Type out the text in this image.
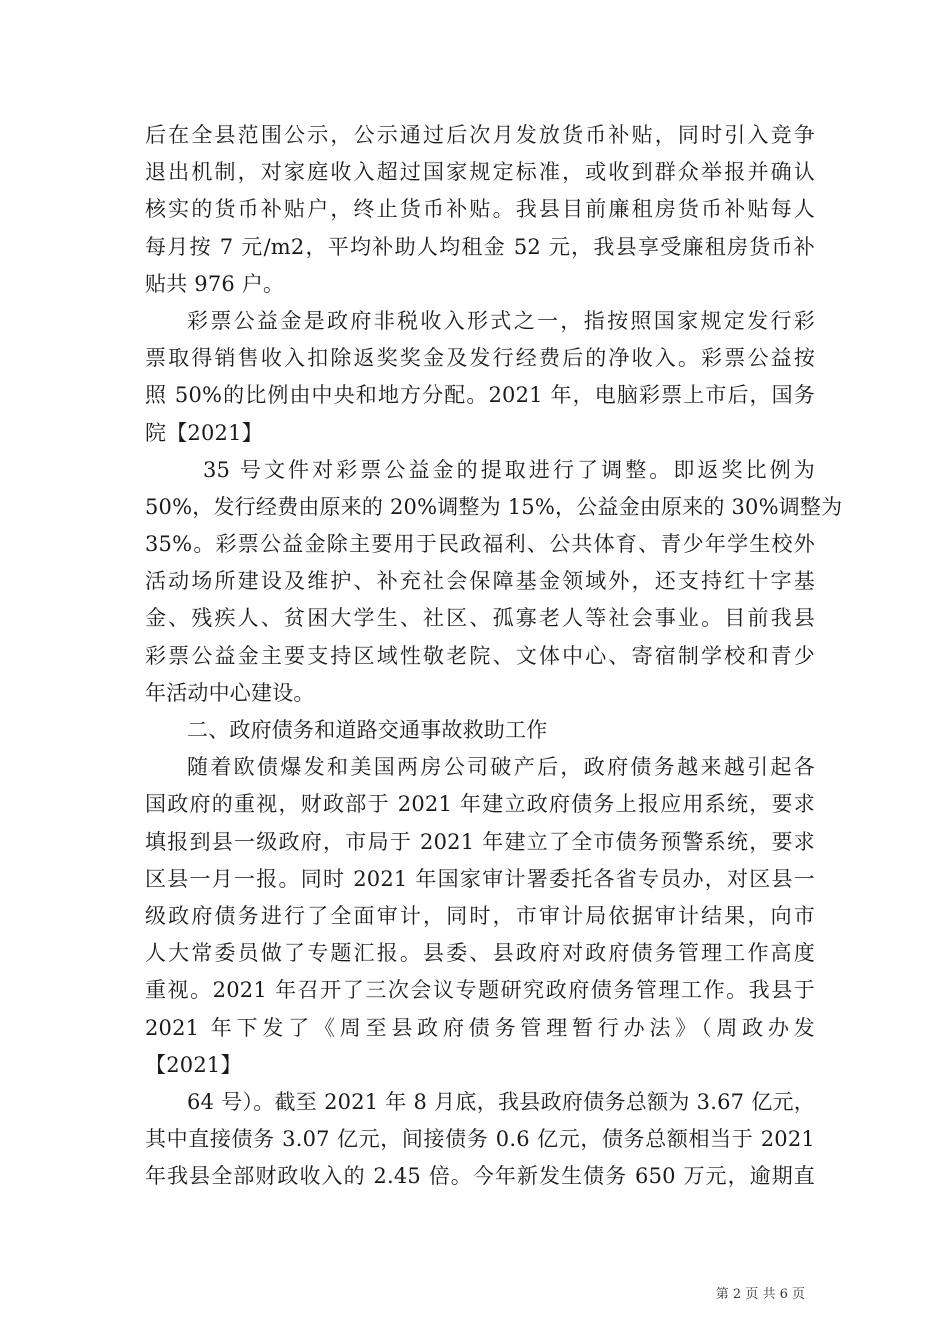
后在全县范围公示，公示通过后次月发放货币补贴，同时引入竞争
退出机制，对家庭收入超过国家规定标准，或收到群众举报并确认
核实的货币补贴户，终止货币补贴。我县目前廉租房货币补贴每人
每月按 7 元/m2，平均补助人均租金 52 元，我县享受廉租房货币补
贴共 976 户。
彩票公益金是政府非税收入形式之一，指按照国家规定发行彩
票取得销售收入扣除返奖奖金及发行经费后的净收入。彩票公益按
照 50%的比例由中央和地方分配。2021 年，电脑彩票上市后，国务
院【2021】
35 号文件对彩票公益金的提取进行了调整。即返奖比例为
50%，发行经费由原来的 20%调整为 15%，公益金由原来的 30%调整为
35%。彩票公益金除主要用于民政福利、公共体育、青少年学生校外
活动场所建设及维护、补充社会保障基金领域外，还支持红十字基
金、残疾人、贫困大学生、社区、孤寡老人等社会事业。目前我县
彩票公益金主要支持区域性敬老院、文体中心、寄宿制学校和青少
年活动中心建设。
二、政府债务和道路交通事故救助工作
随着欧债爆发和美国两房公司破产后，政府债务越来越引起各
国政府的重视，财政部于 2021 年建立政府债务上报应用系统，要求
填报到县一级政府，市局于 2021 年建立了全市债务预警系统，要求
区县一月一报。同时 2021 年国家审计署委托各省专员办，对区县一
级政府债务进行了全面审计，同时，市审计局依据审计结果，向市
人大常委员做了专题汇报。县委、县政府对政府债务管理工作高度
重视。2021 年召开了三次会议专题研究政府债务管理工作。我县于
2021 年下发了《周至县政府债务管理暂行办法》（周政办发
【2021】
64 号）。截至 2021 年 8 月底，我县政府债务总额为 3.67 亿元，
其中直接债务 3.07 亿元，间接债务 0.6 亿元，债务总额相当于 2021
年我县全部财政收入的 2.45 倍。今年新发生债务 650 万元，逾期直
第 2 页 共 6 页
